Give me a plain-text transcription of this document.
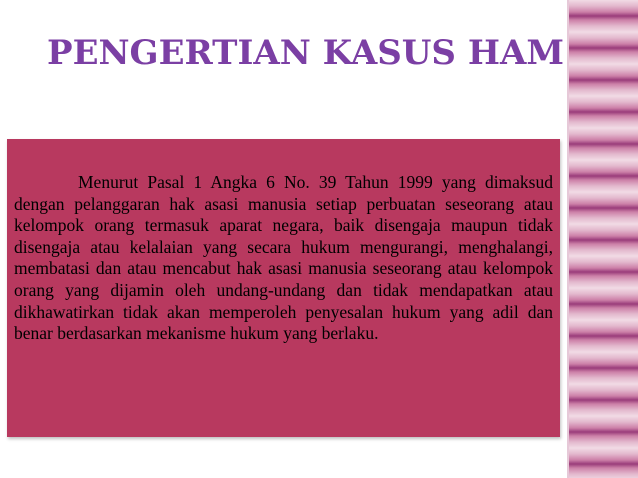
PENGERTIAN KASUS HAM

Menurut Pasal 1 Angka 6 No. 39 Tahun 1999 yang dimaksud dengan pelanggaran hak asasi manusia setiap perbuatan seseorang atau kelompok orang termasuk aparat negara, baik disengaja maupun tidak disengaja atau kelalaian yang secara hukum mengurangi, menghalangi, membatasi dan atau mencabut hak asasi manusia seseorang atau kelompok orang yang dijamin oleh undang-undang dan tidak mendapatkan atau dikhawatirkan tidak akan memperoleh penyesalan hukum yang adil dan benar berdasarkan mekanisme hukum yang berlaku.
